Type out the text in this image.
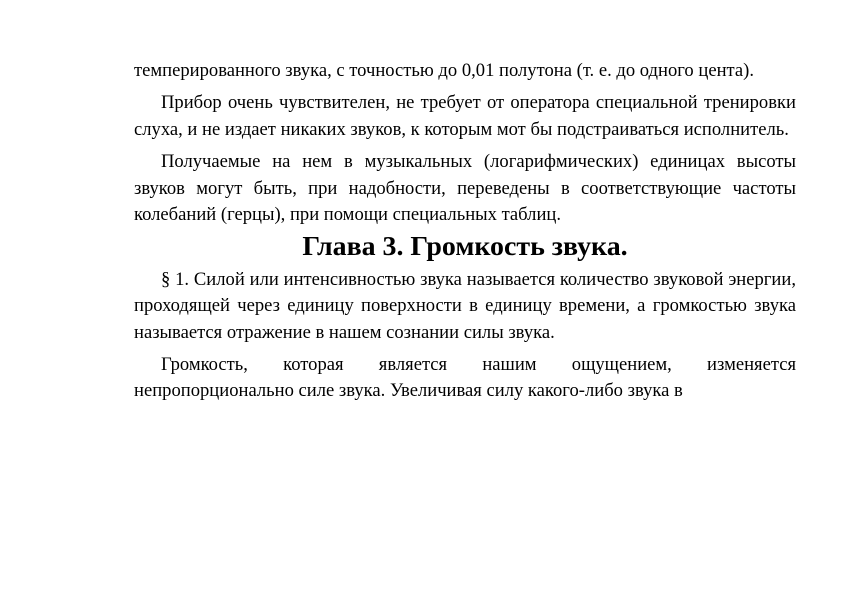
темперированного звука, с точностью до 0,01 полутона (т. е. до одного цента).

Прибор очень чувствителен, не требует от оператора специальной тренировки слуха, и не издает никаких звуков, к которым мот бы подстраиваться исполнитель.

Получаемые на нем в музыкальных (логарифмических) единицах высоты звуков могут быть, при надобности, переведены в соответствующие частоты колебаний (герцы), при помощи специальных таблиц.

Глава 3. Громкость звука.

§ 1. Силой или интенсивностью звука называется количество звуковой энергии, проходящей через единицу поверхности в единицу времени, а громкостью звука называется отражение в нашем сознании силы звука.

Громкость, которая является нашим ощущением, изменяется непропорционально силе звука. Увеличивая силу какого-либо звука в
